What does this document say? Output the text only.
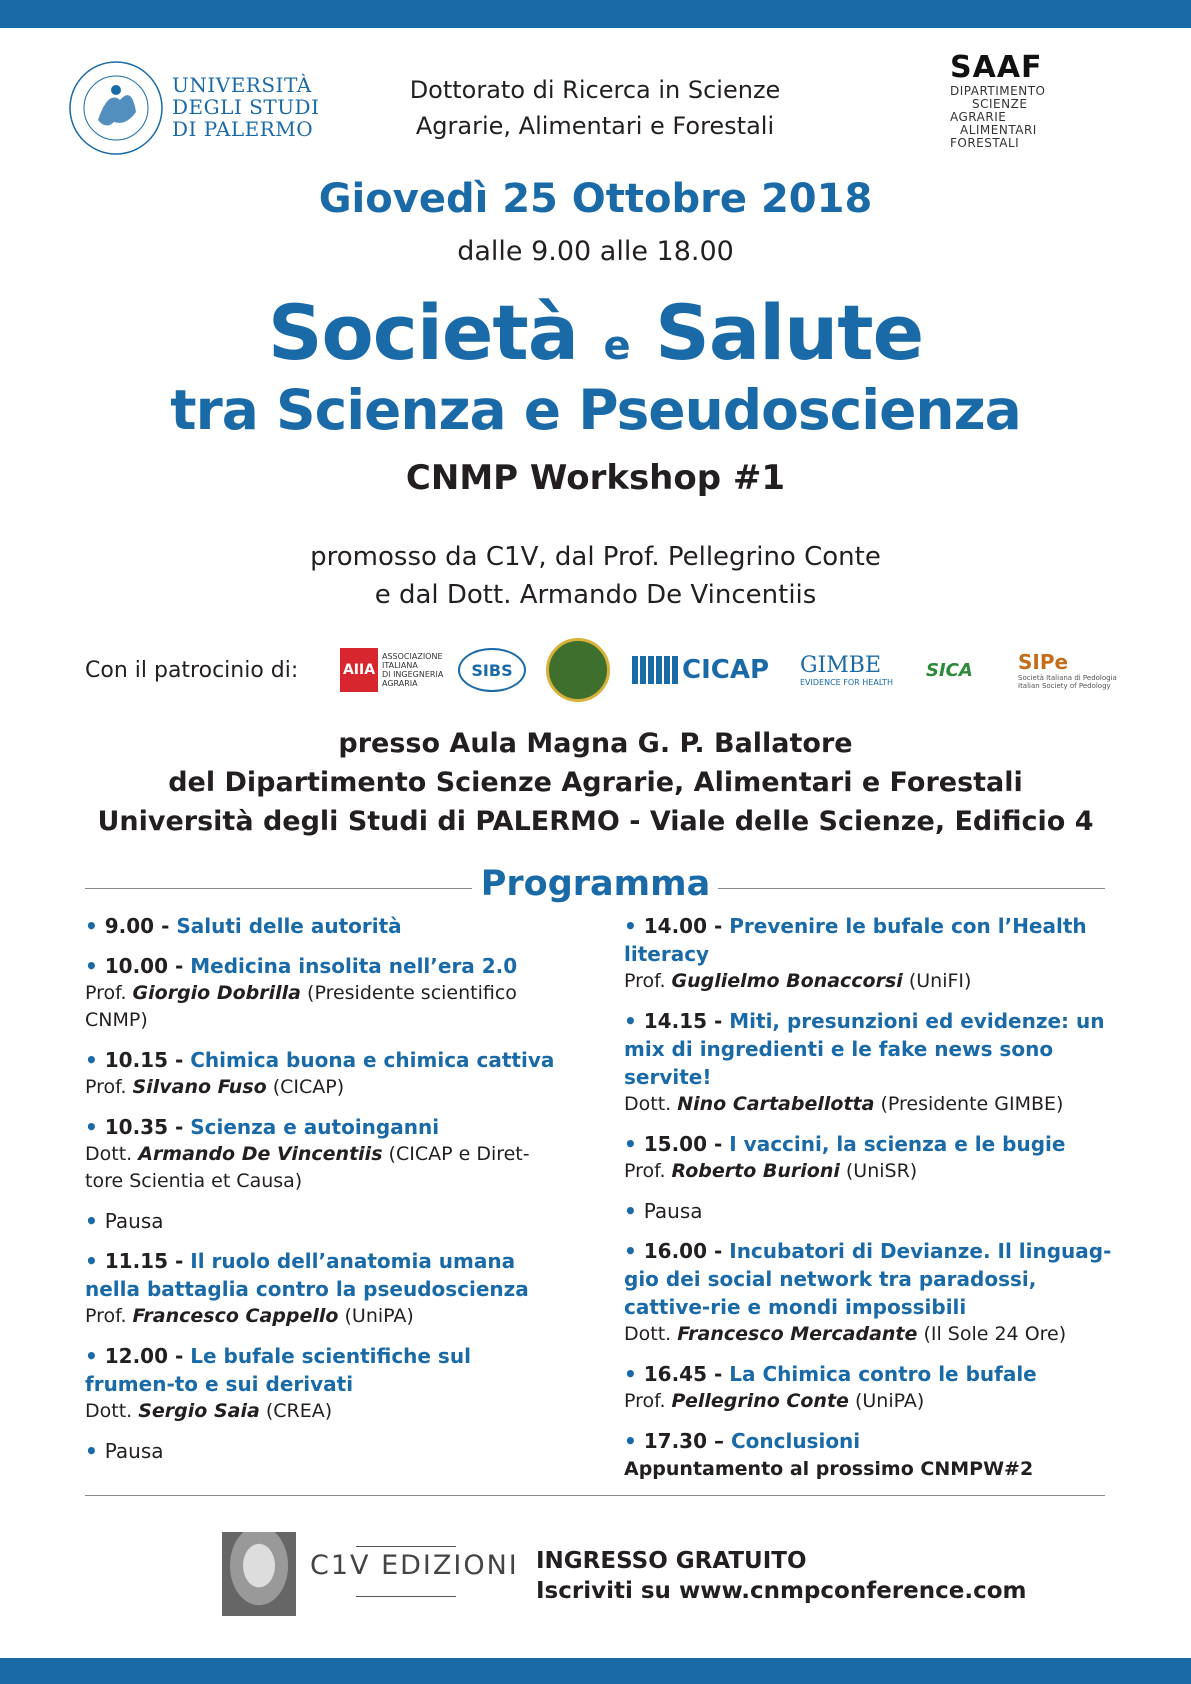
UNIVERSITÀ
DEGLI STUDI
DI PALERMO
Dottorato di Ricerca in Scienze
Agrarie, Alimentari e Forestali
SAAF
DIPARTIMENTO
SCIENZE
AGRARIE
ALIMENTARI
FORESTALI
Giovedì 25 Ottobre 2018
dalle 9.00 alle 18.00
Società e Salute
tra Scienza e Pseudoscienza
CNMP Workshop #1
promosso da C1V, dal Prof. Pellegrino Conte
e dal Dott. Armando De Vincentiis
Con il patrocinio di:	AIIA
ASSOCIAZIONE
ITALIANA
DI INGEGNERIA
AGRARIA
SIBS	CICAP GIMBE
EVIDENCE FOR HEALTH
SICA SIPe
Società Italiana di Pedologia
Italian Society of Pedology
presso Aula Magna G. P. Ballatore
del Dipartimento Scienze Agrarie, Alimentari e Forestali
Università degli Studi di PALERMO - Viale delle Scienze, Edificio 4
Programma
• 9.00 - Saluti delle autorità
• 10.00 - Medicina insolita nell’era 2.0
Prof. Giorgio Dobrilla (Presidente scientifico CNMP)
• 10.15 - Chimica buona e chimica cattiva
Prof. Silvano Fuso (CICAP)
• 10.35 - Scienza e autoinganni
Dott. Armando De Vincentiis (CICAP e Diret-tore Scientia et Causa)
• Pausa
• 11.15 - Il ruolo dell’anatomia umana nella battaglia contro la pseudoscienza
Prof. Francesco Cappello (UniPA)
• 12.00 - Le bufale scientifiche sul frumen-to e sui derivati
Dott. Sergio Saia (CREA)
• Pausa
• 14.00 - Prevenire le bufale con l’Health literacy
Prof. Guglielmo Bonaccorsi (UniFI)
• 14.15 - Miti, presunzioni ed evidenze: un mix di ingredienti e le fake news sono servite!
Dott. Nino Cartabellotta (Presidente GIMBE)
• 15.00 - I vaccini, la scienza e le bugie
Prof. Roberto Burioni (UniSR)
• Pausa
• 16.00 - Incubatori di Devianze. Il linguag-gio dei social network tra paradossi, cattive-rie e mondi impossibili
Dott. Francesco Mercadante (Il Sole 24 Ore)
• 16.45 - La Chimica contro le bufale
Prof. Pellegrino Conte (UniPA)
• 17.30 – Conclusioni
Appuntamento al prossimo CNMPW#2
C1V EDIZIONI INGRESSO GRATUITO
Iscriviti su www.cnmpconference.com
